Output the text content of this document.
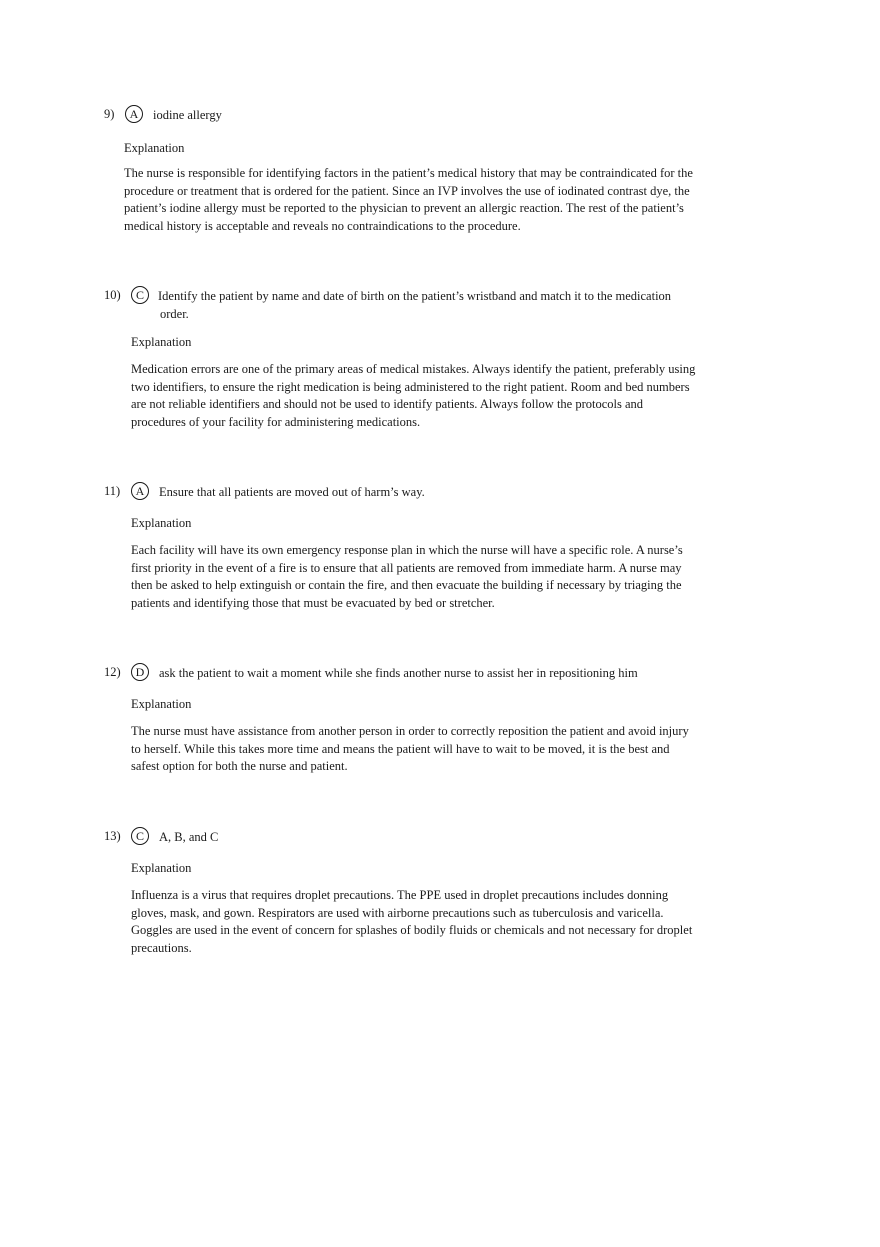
9)	A	iodine allergy
Explanation
The nurse is responsible for identifying factors in the patient’s medical history that may be contraindicated for the
procedure or treatment that is ordered for the patient. Since an IVP involves the use of iodinated contrast dye, the
patient’s iodine allergy must be reported to the physician to prevent an allergic reaction. The rest of the patient’s
medical history is acceptable and reveals no contraindications to the procedure.
10)	C	Identify the patient by name and date of birth on the patient’s wristband and match it to the medication
order.
Explanation
Medication errors are one of the primary areas of medical mistakes. Always identify the patient, preferably using
two identifiers, to ensure the right medication is being administered to the right patient. Room and bed numbers
are not reliable identifiers and should not be used to identify patients. Always follow the protocols and
procedures of your facility for administering medications.
11)	A	Ensure that all patients are moved out of harm’s way.
Explanation
Each facility will have its own emergency response plan in which the nurse will have a specific role. A nurse’s
first priority in the event of a fire is to ensure that all patients are removed from immediate harm. A nurse may
then be asked to help extinguish or contain the fire, and then evacuate the building if necessary by triaging the
patients and identifying those that must be evacuated by bed or stretcher.
12)	D	ask the patient to wait a moment while she finds another nurse to assist her in repositioning him
Explanation
The nurse must have assistance from another person in order to correctly reposition the patient and avoid injury
to herself. While this takes more time and means the patient will have to wait to be moved, it is the best and
safest option for both the nurse and patient.
13)	C	A, B, and C
Explanation
Influenza is a virus that requires droplet precautions. The PPE used in droplet precautions includes donning
gloves, mask, and gown. Respirators are used with airborne precautions such as tuberculosis and varicella.
Goggles are used in the event of concern for splashes of bodily fluids or chemicals and not necessary for droplet
precautions.
